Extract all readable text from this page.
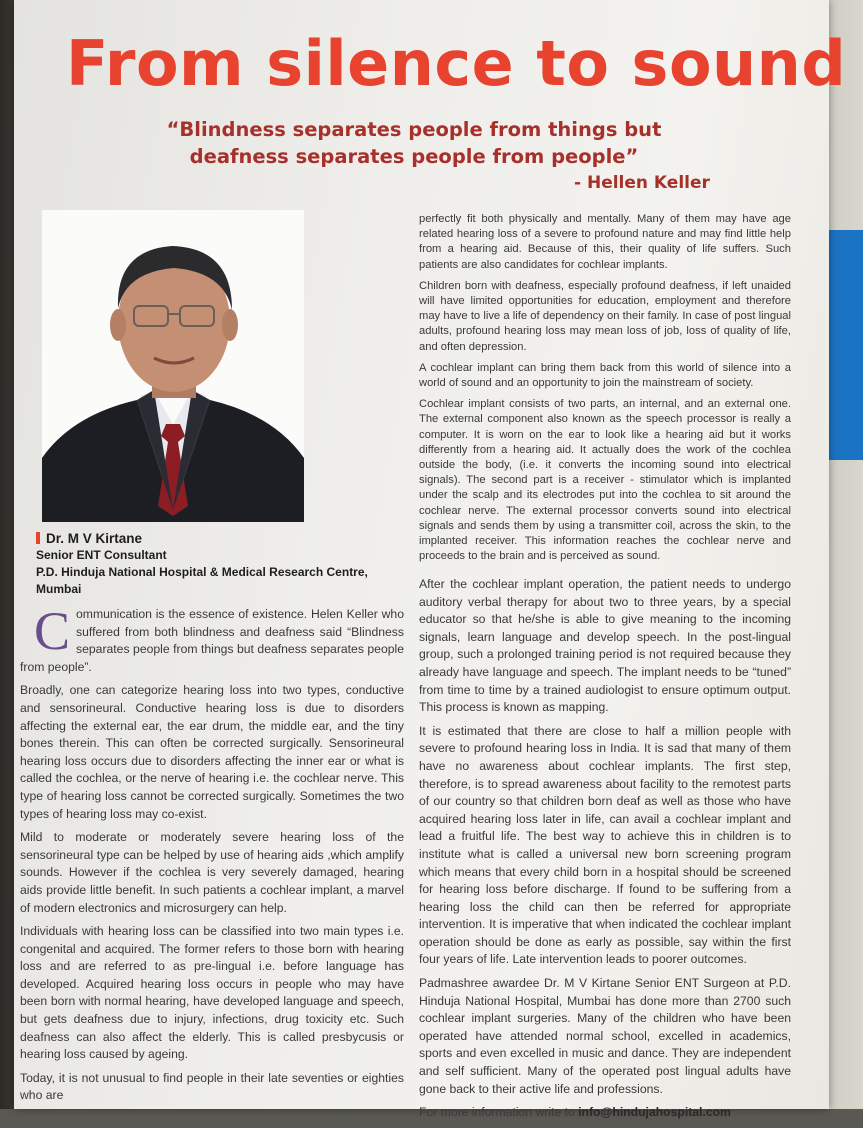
From silence to sound
“Blindness separates people from things but deafness separates people from people”
- Hellen Keller
Dr. M V Kirtane
Senior ENT Consultant
P.D. Hinduja National Hospital & Medical Research Centre, Mumbai

C ommunication is the essence of existence. Helen Keller who suffered from both blindness and deafness said “Blindness separates people from things but deafness separates people from people”.

Broadly, one can categorize hearing loss into two types, conductive and sensorineural. Conductive hearing loss is due to disorders affecting the external ear, the ear drum, the middle ear, and the tiny bones therein. This can often be corrected surgically. Sensorineural hearing loss occurs due to disorders affecting the inner ear or what is called the cochlea, or the nerve of hearing i.e. the cochlear nerve. This type of hearing loss cannot be corrected surgically. Sometimes the two types of hearing loss may co-exist.

Mild to moderate or moderately severe hearing loss of the sensorineural type can be helped by use of hearing aids ,which amplify sounds. However if the cochlea is very severely damaged, hearing aids provide little benefit. In such patients a cochlear implant, a marvel of modern electronics and microsurgery can help.

Individuals with hearing loss can be classified into two main types i.e. congenital and acquired. The former refers to those born with hearing loss and are referred to as pre-lingual i.e. before language has developed. Acquired hearing loss occurs in people who may have been born with normal hearing, have developed language and speech, but gets deafness due to injury, infections, drug toxicity etc. Such deafness can also affect the elderly. This is called presbycusis or hearing loss caused by ageing.

Today, it is not unusual to find people in their late seventies or eighties who are

perfectly fit both physically and mentally. Many of them may have age related hearing loss of a severe to profound nature and may find little help from a hearing aid. Because of this, their quality of life suffers. Such patients are also candidates for cochlear implants.

Children born with deafness, especially profound deafness, if left unaided will have limited opportunities for education, employment and therefore may have to live a life of dependency on their family. In case of post lingual adults, profound hearing loss may mean loss of job, loss of quality of life, and often depression.

A cochlear implant can bring them back from this world of silence into a world of sound and an opportunity to join the mainstream of society.

Cochlear implant consists of two parts, an internal, and an external one. The external component also known as the speech processor is really a computer. It is worn on the ear to look like a hearing aid but it works differently from a hearing aid. It actually does the work of the cochlea outside the body, (i.e. it converts the incoming sound into electrical signals). The second part is a receiver - stimulator which is implanted under the scalp and its electrodes put into the cochlea to sit around the cochlear nerve. The external processor converts sound into electrical signals and sends them by using a transmitter coil, across the skin, to the implanted receiver. This information reaches the cochlear nerve and proceeds to the brain and is perceived as sound.

After the cochlear implant operation, the patient needs to undergo auditory verbal therapy for about two to three years, by a special educator so that he/she is able to give meaning to the incoming signals, learn language and develop speech. In the post-lingual group, such a prolonged training period is not required because they already have language and speech. The implant needs to be “tuned” from time to time by a trained audiologist to ensure optimum output. This process is known as mapping.

It is estimated that there are close to half a million people with severe to profound hearing loss in India. It is sad that many of them have no awareness about cochlear implants. The first step, therefore, is to spread awareness about facility to the remotest parts of our country so that children born deaf as well as those who have acquired hearing loss later in life, can avail a cochlear implant and lead a fruitful life. The best way to achieve this in children is to institute what is called a universal new born screening program which means that every child born in a hospital should be screened for hearing loss before discharge. If found to be suffering from a hearing loss the child can then be referred for appropriate intervention. It is imperative that when indicated the cochlear implant operation should be done as early as possible, say within the first four years of life. Late intervention leads to poorer outcomes.

Padmashree awardee Dr. M V Kirtane Senior ENT Surgeon at P.D. Hinduja National Hospital, Mumbai has done more than 2700 such cochlear implant surgeries. Many of the children who have been operated have attended normal school, excelled in academics, sports and even excelled in music and dance. They are independent and self sufficient. Many of the operated post lingual adults have gone back to their active life and professions.

For more information write to info@hindujahospital.com
